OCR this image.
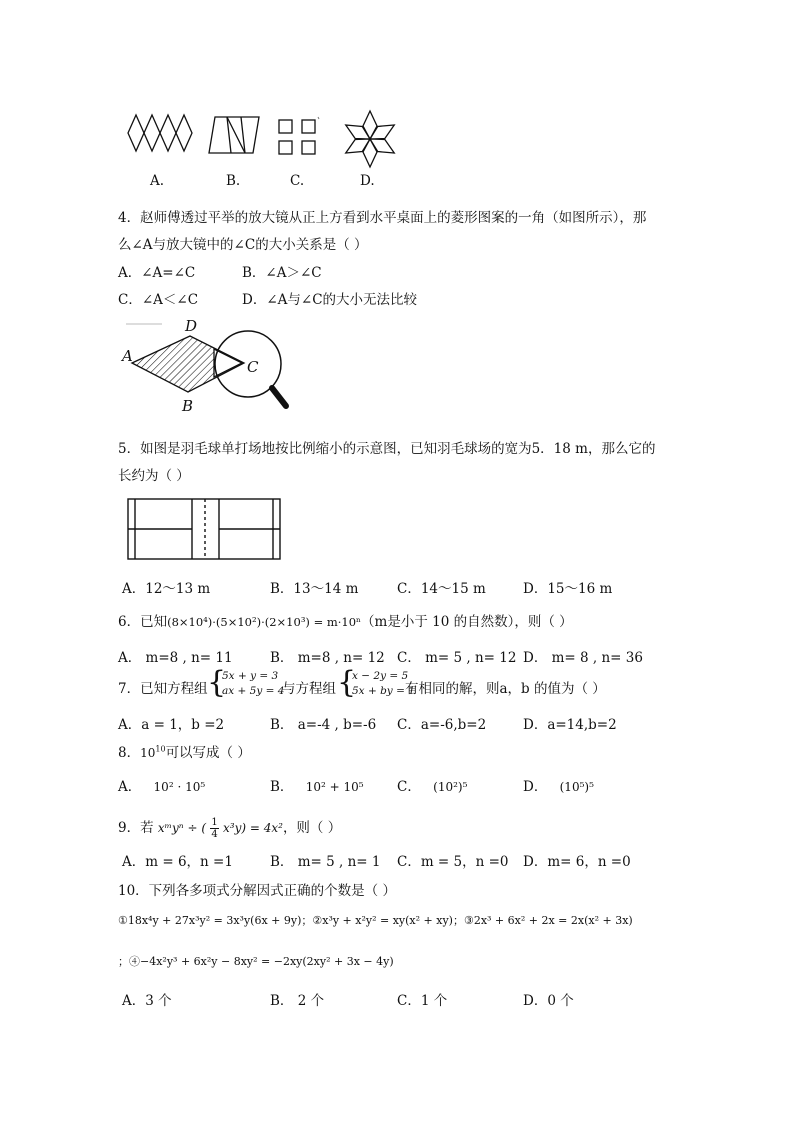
A.	B.	C.	D.
4．赵师傅透过平举的放大镜从正上方看到水平桌面上的菱形图案的一角（如图所示），那
么∠A与放大镜中的∠C的大小关系是（ ）
A．∠A=∠C	B．∠A＞∠C
C．∠A＜∠C	D．∠A与∠C的大小无法比较
A
D
B
C
5．如图是羽毛球单打场地按比例缩小的示意图，已知羽毛球场的宽为5．18 m，那么它的
长约为（ ）
A．12～13 m	B．13～14 m	C．14～15 m	D．15～16 m
6．已知(8×10⁴)·(5×10²)·(2×10³) = m·10ⁿ（m是小于 10 的自然数），则（ ）
A． m=8 , n= 11	B． m=8 , n= 12 C． m= 5 , n= 12 D． m= 8 , n= 36
7．已知方程组 {
5x + y = 3
ax + 5y = 4
与方程组 {
x − 2y = 5
5x + by = 1
有相同的解，则a，b 的值为（ ）
A．a = 1，b =2	B． a=-4 , b=-6 C．a=-6,b=2	D．a=14,b=2
8．$10^{10}$可以写成（ ）
A． 10² · 10⁵	B． 10² + 10⁵ C． (10²)⁵	D． (10⁵)⁵
9．若 xᵐyⁿ ÷ ( $\frac{1}{4} x^3y) = 4x^2$，则（ ）
A．m = 6，n =1	B． m= 5 , n= 1 C．m = 5，n =0 D．m= 6，n =0
10．下列各多项式分解因式正确的个数是（ ）
①18x⁴y + 27x³y² = 3x³y(6x + 9y)；②x³y + x²y² = xy(x² + xy)；③2x³ + 6x² + 2x = 2x(x² + 3x)
；④−4x²y³ + 6x²y − 8xy² = −2xy(2xy² + 3x − 4y)
A．3 个	B． 2 个	C．1 个	D．0 个
